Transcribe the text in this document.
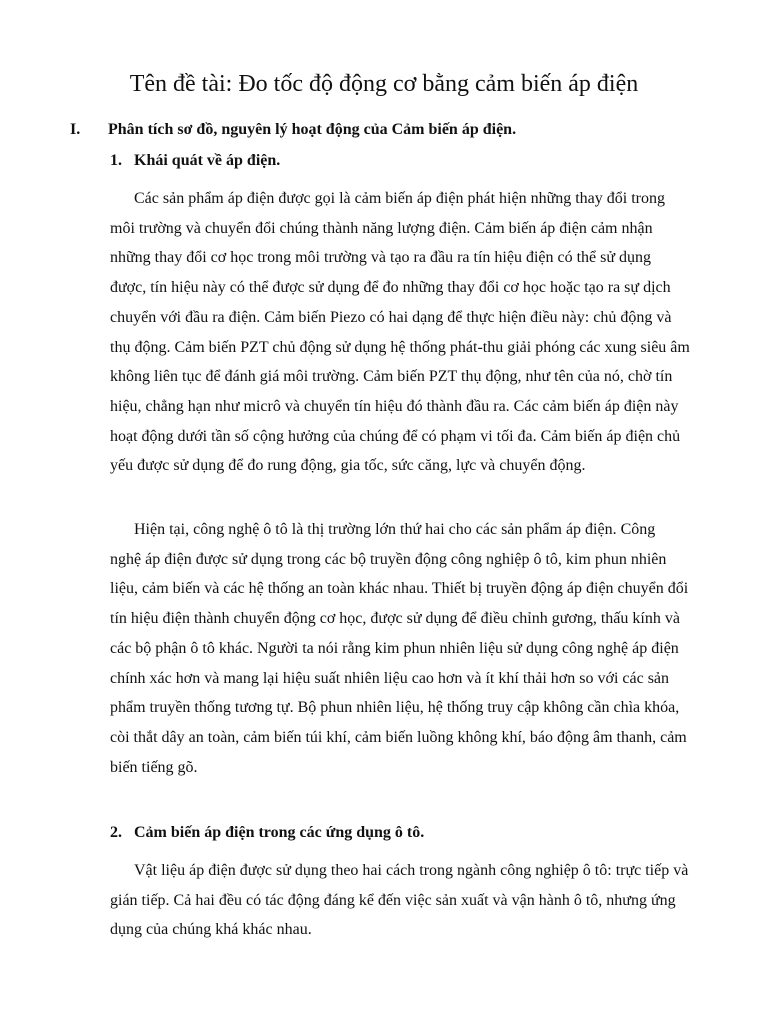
Tên đề tài: Đo tốc độ động cơ bằng cảm biến áp điện
I. Phân tích sơ đồ, nguyên lý hoạt động của Cảm biến áp điện.
1. Khái quát về áp điện.

Các sản phẩm áp điện được gọi là cảm biến áp điện phát hiện những thay đổi trong môi trường và chuyển đổi chúng thành năng lượng điện. Cảm biến áp điện cảm nhận những thay đổi cơ học trong môi trường và tạo ra đầu ra tín hiệu điện có thể sử dụng được, tín hiệu này có thể được sử dụng để đo những thay đổi cơ học hoặc tạo ra sự dịch chuyển với đầu ra điện. Cảm biến Piezo có hai dạng để thực hiện điều này: chủ động và thụ động. Cảm biến PZT chủ động sử dụng hệ thống phát-thu giải phóng các xung siêu âm không liên tục để đánh giá môi trường. Cảm biến PZT thụ động, như tên của nó, chờ tín hiệu, chẳng hạn như micrô và chuyển tín hiệu đó thành đầu ra. Các cảm biến áp điện này hoạt động dưới tần số cộng hưởng của chúng để có phạm vi tối đa. Cảm biến áp điện chủ yếu được sử dụng để đo rung động, gia tốc, sức căng, lực và chuyển động.

Hiện tại, công nghệ ô tô là thị trường lớn thứ hai cho các sản phẩm áp điện. Công nghệ áp điện được sử dụng trong các bộ truyền động công nghiệp ô tô, kim phun nhiên liệu, cảm biến và các hệ thống an toàn khác nhau. Thiết bị truyền động áp điện chuyển đổi tín hiệu điện thành chuyển động cơ học, được sử dụng để điều chỉnh gương, thấu kính và các bộ phận ô tô khác. Người ta nói rằng kim phun nhiên liệu sử dụng công nghệ áp điện chính xác hơn và mang lại hiệu suất nhiên liệu cao hơn và ít khí thải hơn so với các sản phẩm truyền thống tương tự. Bộ phun nhiên liệu, hệ thống truy cập không cần chìa khóa, còi thắt dây an toàn, cảm biến túi khí, cảm biến luồng không khí, báo động âm thanh, cảm biến tiếng gõ.

2. Cảm biến áp điện trong các ứng dụng ô tô.

Vật liệu áp điện được sử dụng theo hai cách trong ngành công nghiệp ô tô: trực tiếp và gián tiếp. Cả hai đều có tác động đáng kể đến việc sản xuất và vận hành ô tô, nhưng ứng dụng của chúng khá khác nhau.
